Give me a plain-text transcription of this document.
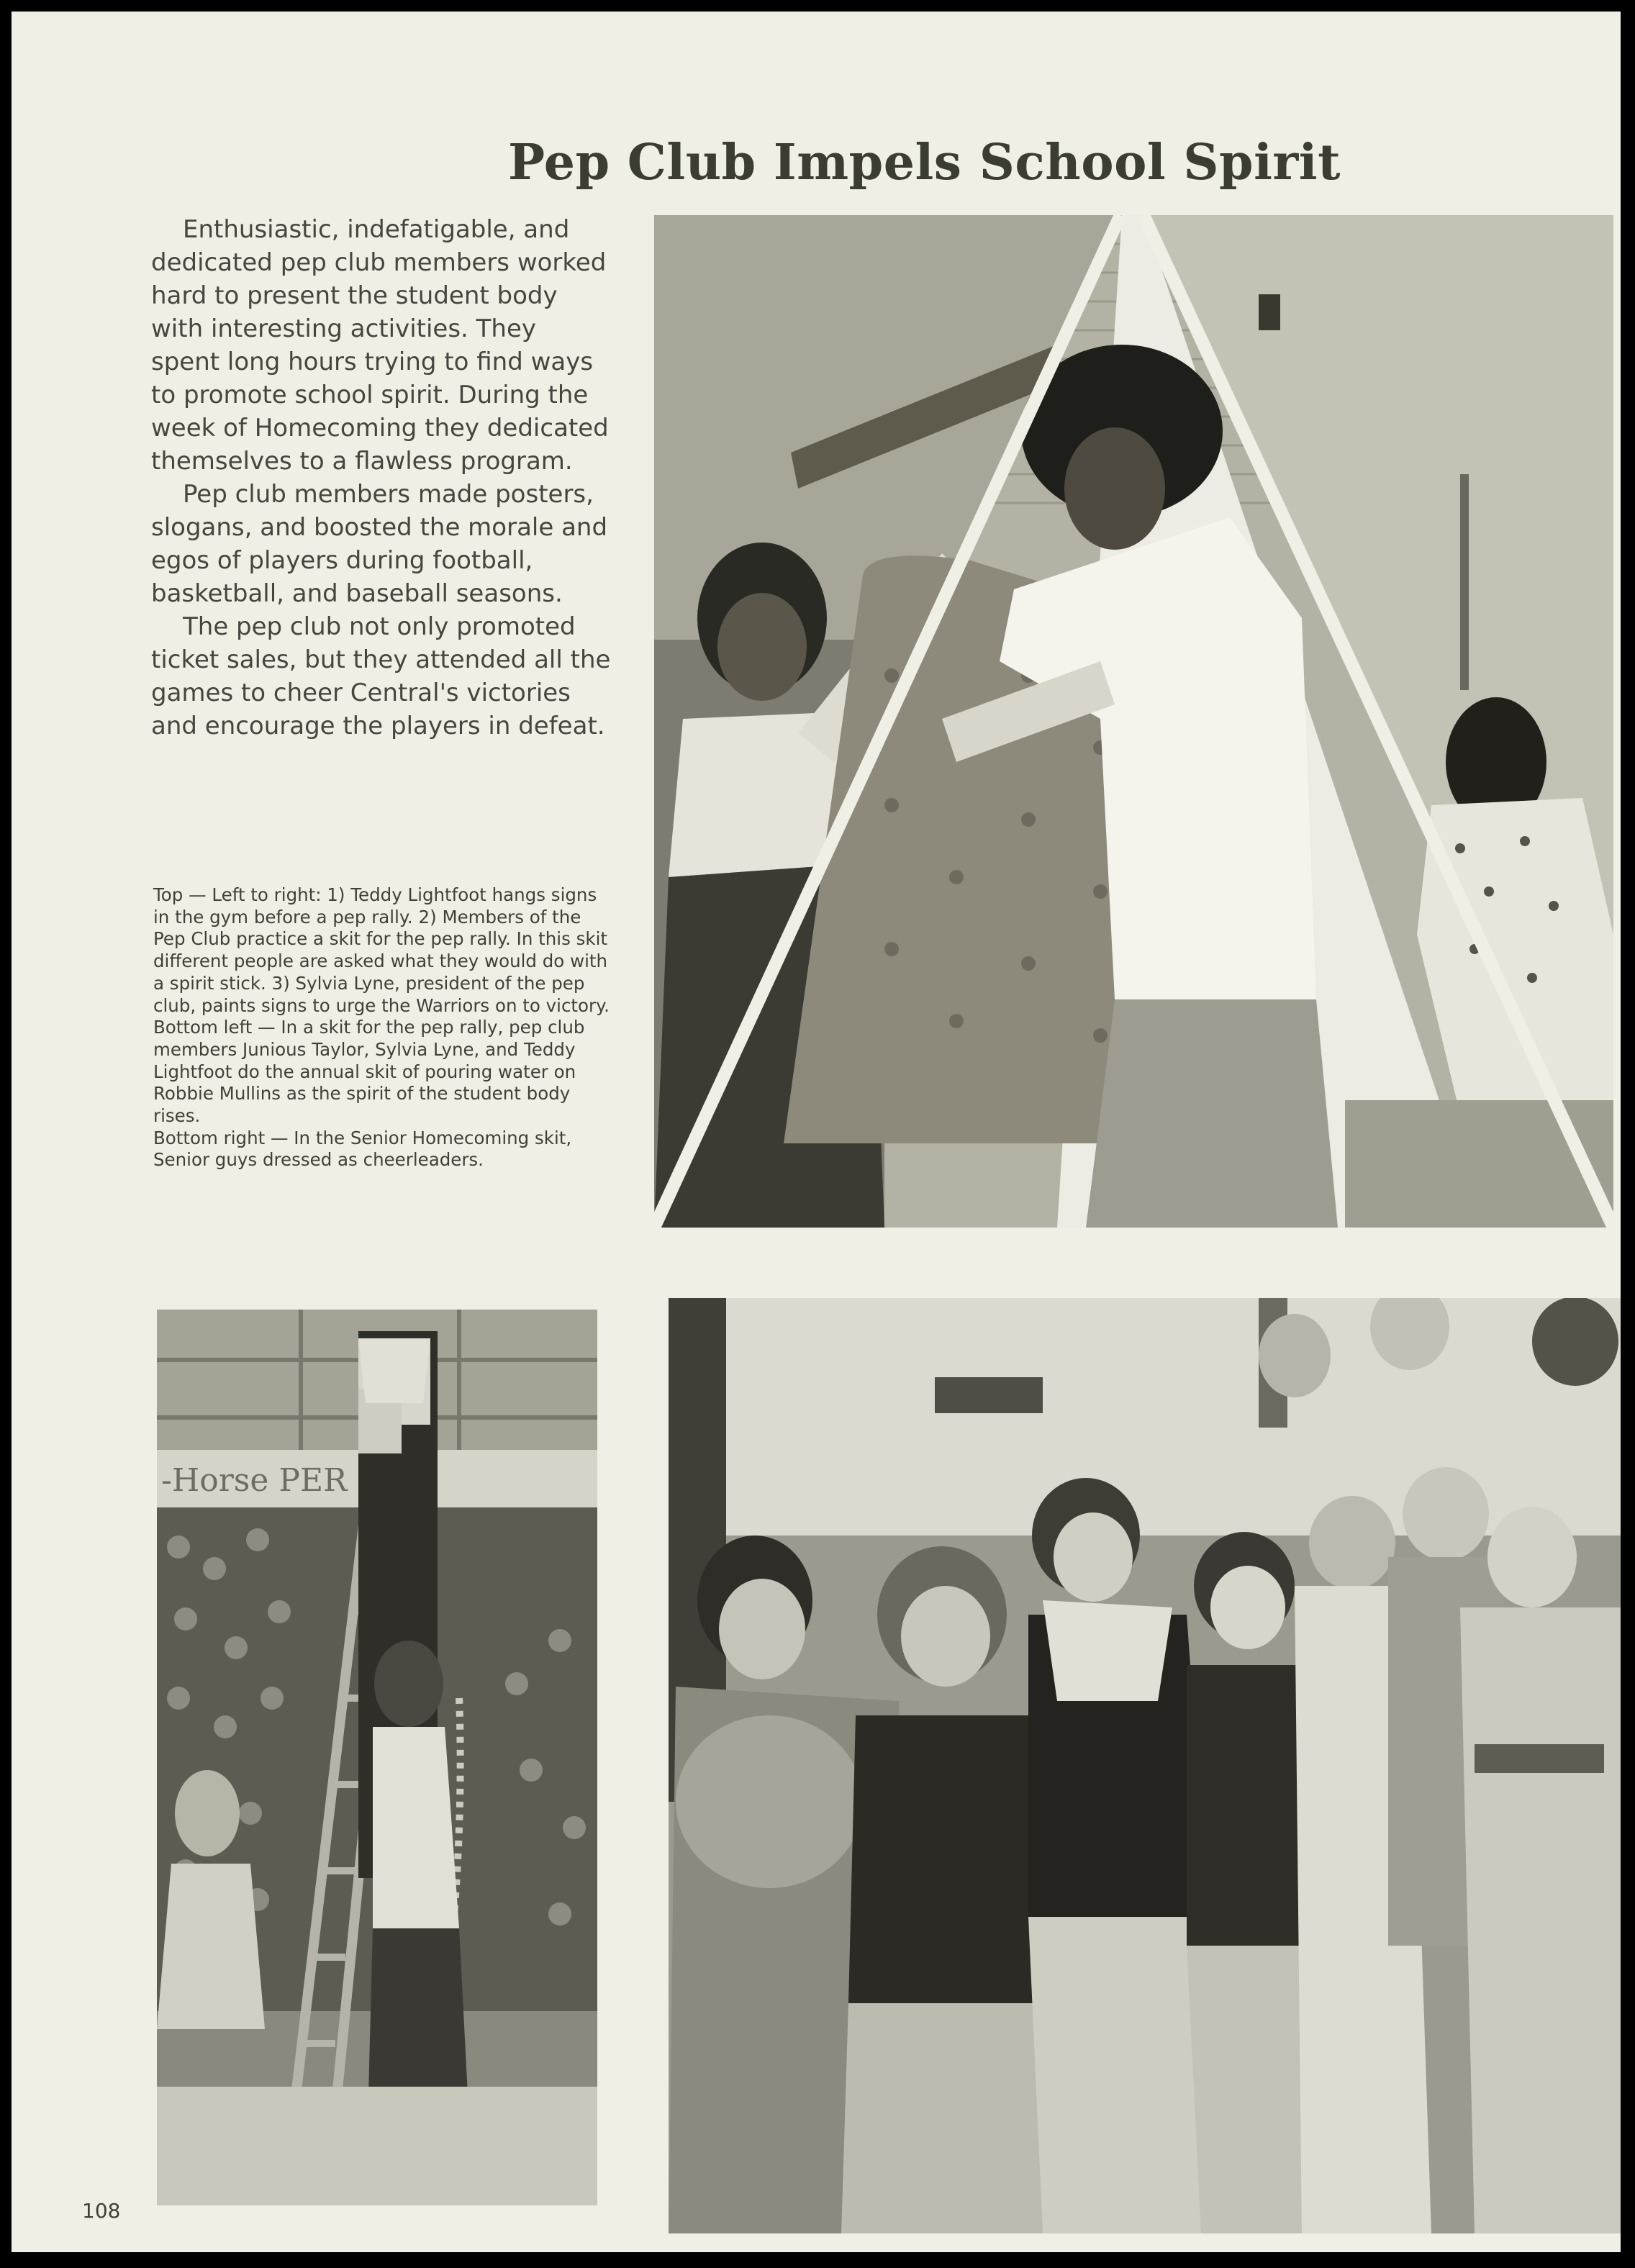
Pep Club Impels School Spirit

Enthusiastic, indefatigable, and dedicated pep club members worked hard to present the student body with interesting activities. They spent long hours trying to find ways to promote school spirit. During the week of Homecoming they dedicated themselves to a flawless program.

Pep club members made posters, slogans, and boosted the morale and egos of players during football, basketball, and baseball seasons.

The pep club not only promoted ticket sales, but they attended all the games to cheer Central's victories and encourage the players in defeat.

Top — Left to right: 1) Teddy Lightfoot hangs signs in the gym before a pep rally. 2) Members of the Pep Club practice a skit for the pep rally. In this skit different people are asked what they would do with a spirit stick. 3) Sylvia Lyne, president of the pep club, paints signs to urge the Warriors on to victory.

Bottom left — In a skit for the pep rally, pep club members Junious Taylor, Sylvia Lyne, and Teddy Lightfoot do the annual skit of pouring water on Robbie Mullins as the spirit of the student body rises.

Bottom right — In the Senior Homecoming skit, Senior guys dressed as cheerleaders.

-Horse PER
108
